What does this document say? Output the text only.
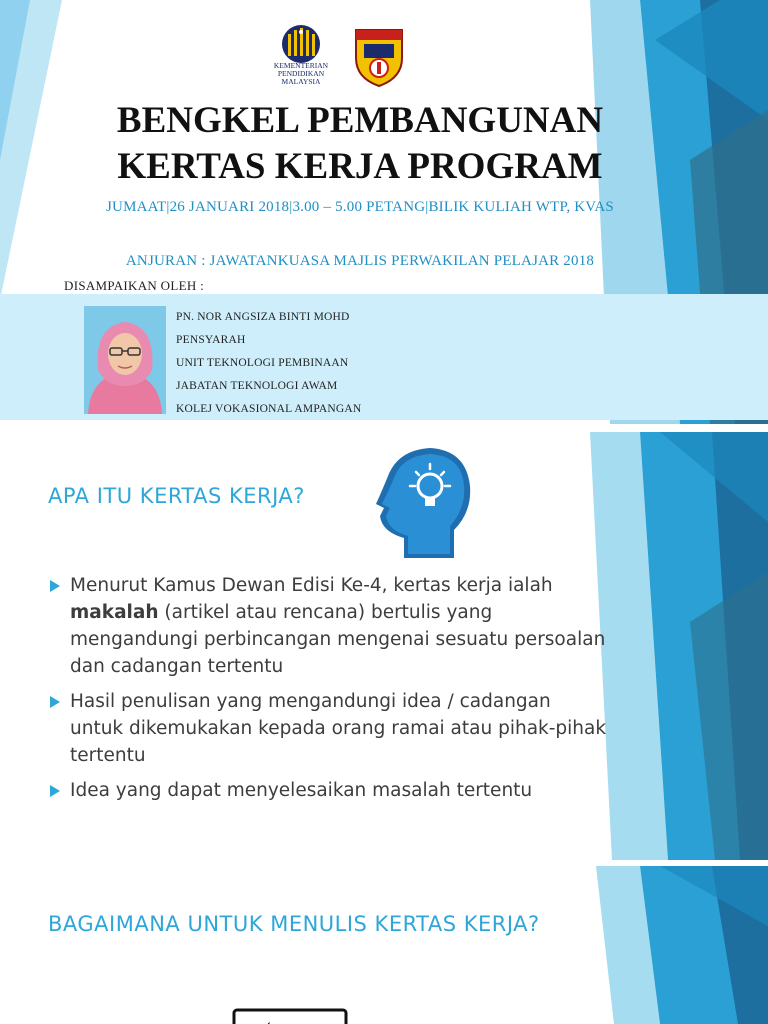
KEMENTERIAN
PENDIDIKAN
MALAYSIA
BENGKEL PEMBANGUNAN
KERTAS KERJA PROGRAM

JUMAAT|26 JANUARI 2018|3.00 – 5.00 PETANG|BILIK KULIAH WTP, KVAS

ANJURAN : JAWATANKUASA MAJLIS PERWAKILAN PELAJAR 2018

DISAMPAIKAN OLEH :
PN. NOR ANGSIZA BINTI MOHD
PENSYARAH
UNIT TEKNOLOGI PEMBINAAN
JABATAN TEKNOLOGI AWAM
KOLEJ VOKASIONAL AMPANGAN
APA ITU KERTAS KERJA?
Menurut Kamus Dewan Edisi Ke-4, kertas kerja ialah makalah (artikel atau rencana) bertulis yang mengandungi perbincangan mengenai sesuatu persoalan dan cadangan tertentu
Hasil penulisan yang mengandungi idea / cadangan untuk dikemukakan kepada orang ramai atau pihak-pihak tertentu
Idea yang dapat menyelesaikan masalah tertentu
BAGAIMANA UNTUK MENULIS KERTAS KERJA?
